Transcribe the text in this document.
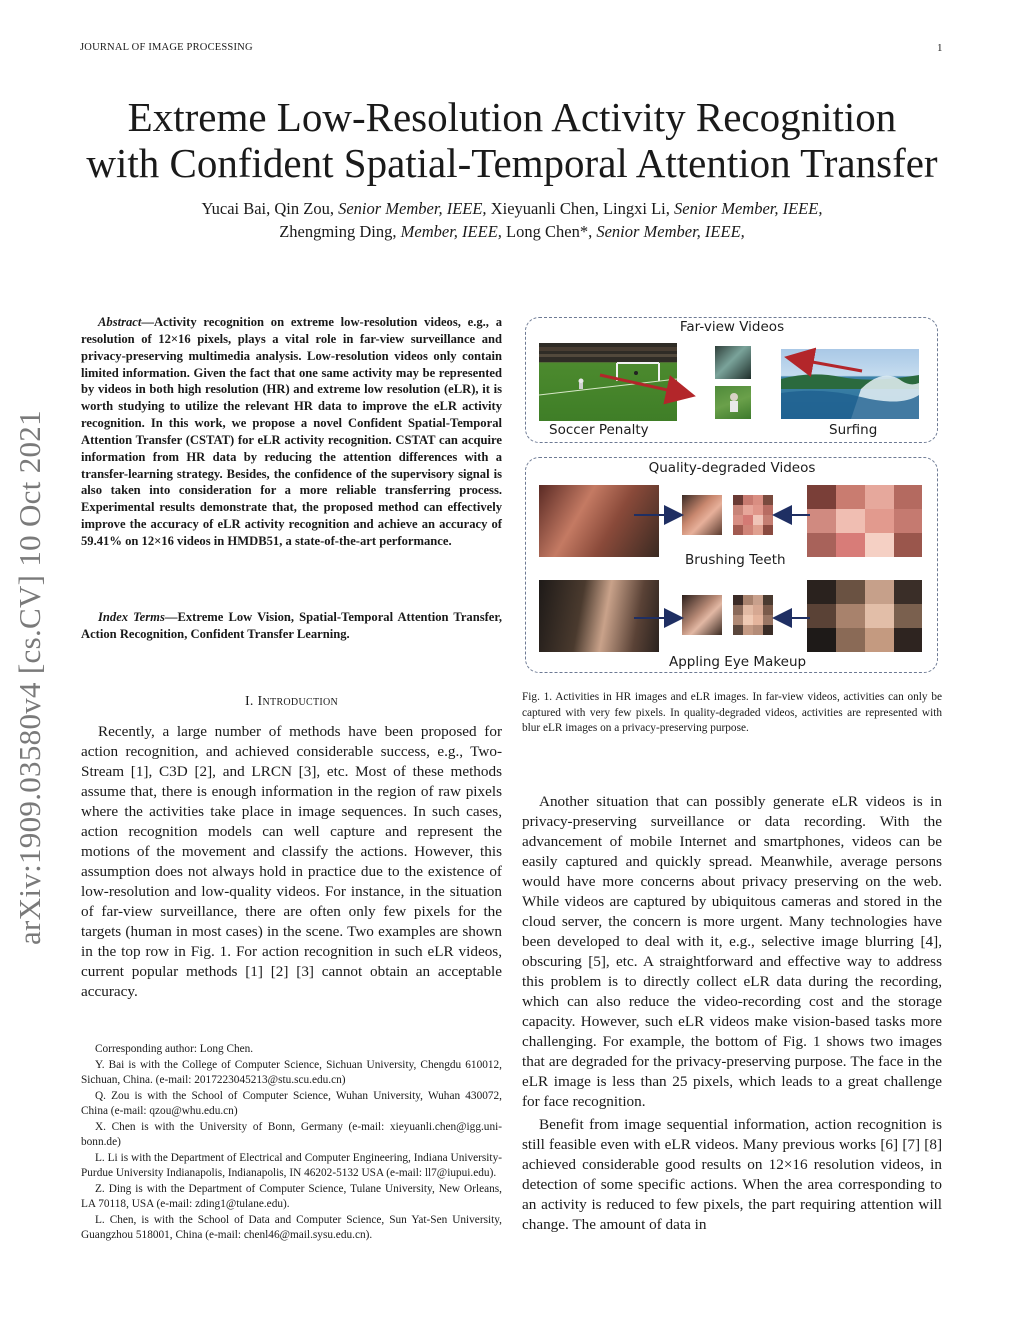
JOURNAL OF IMAGE PROCESSING	1
Extreme Low-Resolution Activity Recognition
with Confident Spatial-Temporal Attention Transfer
Yucai Bai, Qin Zou, Senior Member, IEEE, Xieyuanli Chen, Lingxi Li, Senior Member, IEEE,
Zhengming Ding, Member, IEEE, Long Chen*, Senior Member, IEEE,
arXiv:1909.03580v4 [cs.CV] 10 Oct 2021

Abstract—Activity recognition on extreme low-resolution videos, e.g., a resolution of 12×16 pixels, plays a vital role in far-view surveillance and privacy-preserving multimedia analysis. Low-resolution videos only contain limited information. Given the fact that one same activity may be represented by videos in both high resolution (HR) and extreme low resolution (eLR), it is worth studying to utilize the relevant HR data to improve the eLR activity recognition. In this work, we propose a novel Confident Spatial-Temporal Attention Transfer (CSTAT) for eLR activity recognition. CSTAT can acquire information from HR data by reducing the attention differences with a transfer-learning strategy. Besides, the confidence of the supervisory signal is also taken into consideration for a more reliable transferring process. Experimental results demonstrate that, the proposed method can effectively improve the accuracy of eLR activity recognition and achieve an accuracy of 59.41% on 12×16 videos in HMDB51, a state-of-the-art performance.

Index Terms—Extreme Low Vision, Spatial-Temporal Attention Transfer, Action Recognition, Confident Transfer Learning.
I. Introduction

Recently, a large number of methods have been proposed for action recognition, and achieved considerable success, e.g., Two-Stream [1], C3D [2], and LRCN [3], etc. Most of these methods assume that, there is enough information in the region of raw pixels where the activities take place in image sequences. In such cases, action recognition models can well capture and represent the motions of the movement and classify the actions. However, this assumption does not always hold in practice due to the existence of low-resolution and low-quality videos. For instance, in the situation of far-view surveillance, there are often only few pixels for the targets (human in most cases) in the scene. Two examples are shown in the top row in Fig. 1. For action recognition in such eLR videos, current popular methods [1] [2] [3] cannot obtain an acceptable accuracy.

Corresponding author: Long Chen.

Y. Bai is with the College of Computer Science, Sichuan University, Chengdu 610012, Sichuan, China. (e-mail: 2017223045213@stu.scu.edu.cn)

Q. Zou is with the School of Computer Science, Wuhan University, Wuhan 430072, China (e-mail: qzou@whu.edu.cn)

X. Chen is with the University of Bonn, Germany (e-mail: xieyuanli.chen@igg.uni-bonn.de)

L. Li is with the Department of Electrical and Computer Engineering, Indiana University-Purdue University Indianapolis, Indianapolis, IN 46202-5132 USA (e-mail: ll7@iupui.edu).

Z. Ding is with the Department of Computer Science, Tulane University, New Orleans, LA 70118, USA (e-mail: zding1@tulane.edu).

L. Chen, is with the School of Data and Computer Science, Sun Yat-Sen University, Guangzhou 518001, China (e-mail: chenl46@mail.sysu.edu.cn).

Far-view Videos
Soccer Penalty	Surfing
Quality-degraded Videos
Brushing Teeth
Appling Eye Makeup
Fig. 1. Activities in HR images and eLR images. In far-view videos, activities can only be captured with very few pixels. In quality-degraded videos, activities are represented with blur eLR images on a privacy-preserving purpose.

Another situation that can possibly generate eLR videos is in privacy-preserving surveillance or data recording. With the advancement of mobile Internet and smartphones, videos can be easily captured and quickly spread. Meanwhile, average persons would have more concerns about privacy preserving on the web. While videos are captured by ubiquitous cameras and stored in the cloud server, the concern is more urgent. Many technologies have been developed to deal with it, e.g., selective image blurring [4], obscuring [5], etc. A straightforward and effective way to address this problem is to directly collect eLR data during the recording, which can also reduce the video-recording cost and the storage capacity. However, such eLR videos make vision-based tasks more challenging. For example, the bottom of Fig. 1 shows two images that are degraded for the privacy-preserving purpose. The face in the eLR image is less than 25 pixels, which leads to a great challenge for face recognition.

Benefit from image sequential information, action recognition is still feasible even with eLR videos. Many previous works [6] [7] [8] achieved considerable good results on 12×16 resolution videos, in detection of some specific actions. When the area corresponding to an activity is reduced to few pixels, the part requiring attention will change. The amount of data in
